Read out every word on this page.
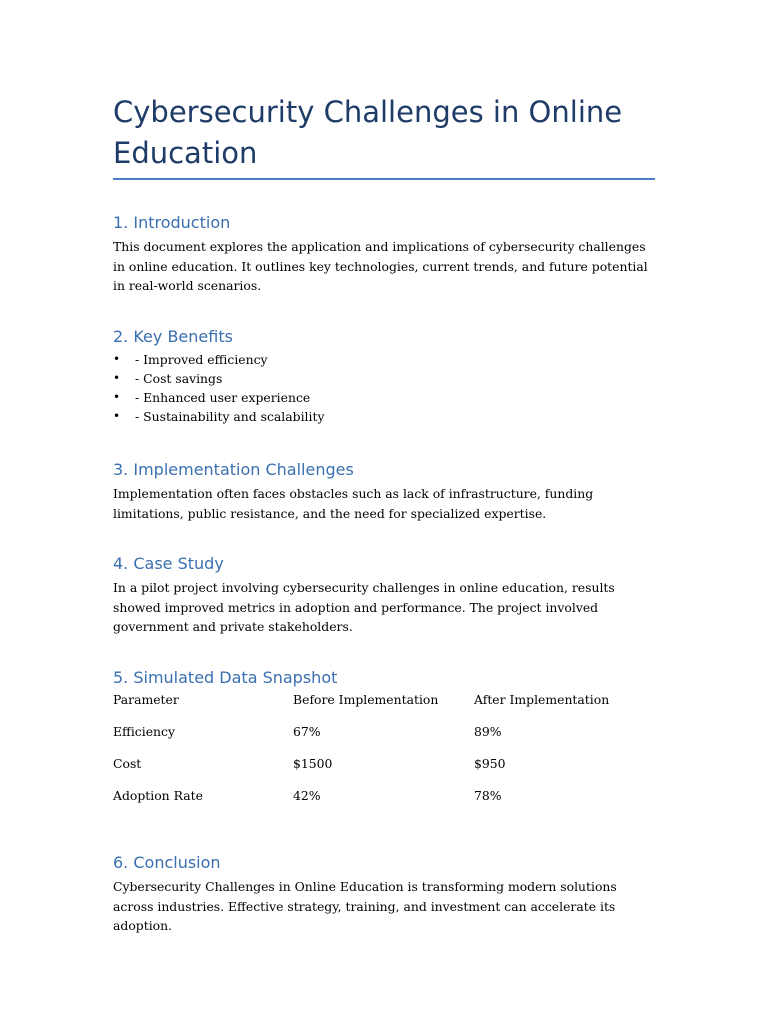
Cybersecurity Challenges in Online Education
1. Introduction

This document explores the application and implications of cybersecurity challenges in online education. It outlines key technologies, current trends, and future potential in real-world scenarios.

2. Key Benefits
• - Improved efficiency
• - Cost savings
• - Enhanced user experience
• - Sustainability and scalability
3. Implementation Challenges

Implementation often faces obstacles such as lack of infrastructure, funding limitations, public resistance, and the need for specialized expertise.

4. Case Study

In a pilot project involving cybersecurity challenges in online education, results showed improved metrics in adoption and performance. The project involved government and private stakeholders.

5. Simulated Data Snapshot
Parameter	Before Implementation	After Implementation
Efficiency	67%	89%
Cost	$1500	$950
Adoption Rate	42%	78%
6. Conclusion

Cybersecurity Challenges in Online Education is transforming modern solutions across industries. Effective strategy, training, and investment can accelerate its adoption.
